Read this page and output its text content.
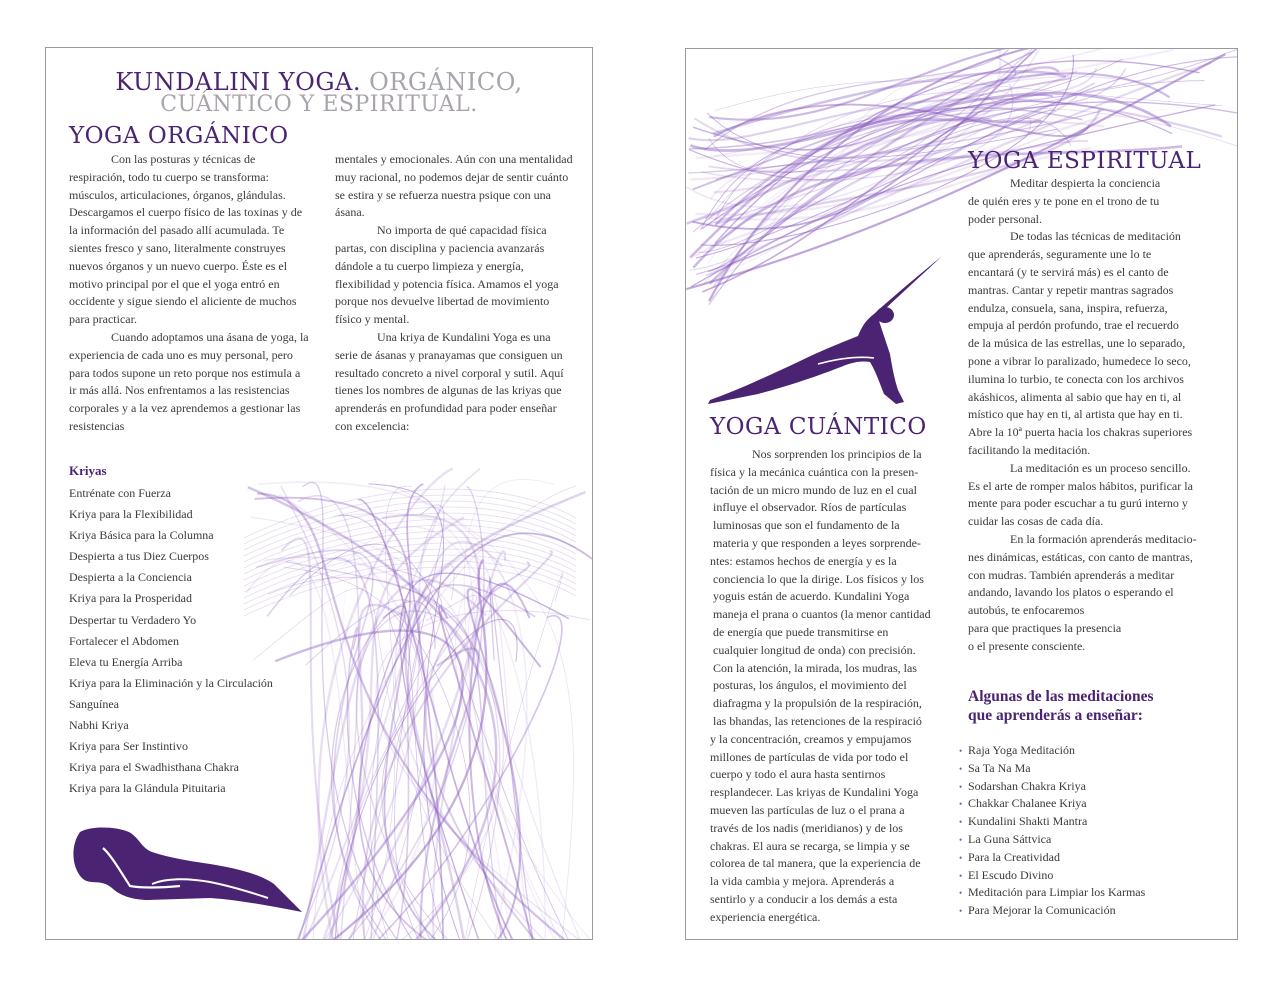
KUNDALINI YOGA. ORGÁNICO,
CUÁNTICO Y ESPIRITUAL.
YOGA ORGÁNICO

Con las posturas y técnicas de respiración, todo tu cuerpo se transforma: músculos, articulaciones, órganos, glándulas. Descargamos el cuerpo físico de las toxinas y de la información del pasado allí acumulada. Te sientes fresco y sano, literalmente construyes nuevos órganos y un nuevo cuerpo. Éste es el motivo principal por el que el yoga entró en occidente y sigue siendo el aliciente de muchos para practicar.

Cuando adoptamos una ásana de yoga, la experiencia de cada uno es muy personal, pero para todos supone un reto porque nos estimula a ir más allá. Nos enfrentamos a las resistencias corporales y a la vez aprendemos a gestionar las resistencias

mentales y emocionales. Aún con una mentalidad muy racional, no podemos dejar de sentir cuánto se estira y se refuerza nuestra psique con una ásana.

No importa de qué capacidad física partas, con disciplina y paciencia avanzarás dándole a tu cuerpo limpieza y energía, flexibilidad y potencia física. Amamos el yoga porque nos devuelve libertad de movimiento físico y mental.

Una kriya de Kundalini Yoga es una serie de ásanas y pranayamas que consiguen un resultado concreto a nivel corporal y sutil. Aquí tienes los nombres de algunas de las kriyas que aprenderás en profundidad para poder enseñar con excelencia:

Kriyas
Entrénate con Fuerza
Kriya para la Flexibilidad
Kriya Básica para la Columna
Despierta a tus Diez Cuerpos
Despierta a la Conciencia
Kriya para la Prosperidad
Despertar tu Verdadero Yo
Fortalecer el Abdomen
Eleva tu Energía Arriba
Kriya para la Eliminación y la Circulación
Sanguínea
Nabhi Kriya
Kriya para Ser Instintivo
Kriya para el Swadhisthana Chakra
Kriya para la Glándula Pituitaria
YOGA CUÁNTICO
Nos sorprenden los principios de la
física y la mecánica cuántica con la presen-
tación de un micro mundo de luz en el cual
influye el observador. Ríos de partículas
luminosas que son el fundamento de la
materia y que responden a leyes sorprende-
ntes: estamos hechos de energía y es la
conciencia lo que la dirige. Los físicos y los
yoguis están de acuerdo. Kundalini Yoga
maneja el prana o cuantos (la menor cantidad
de energía que puede transmitirse en
cualquier longitud de onda) con precisión.
Con la atención, la mirada, los mudras, las
posturas, los ángulos, el movimiento del
diafragma y la propulsión de la respiración,
las bhandas, las retenciones de la respiració
y la concentración, creamos y empujamos
millones de partículas de vida por todo el
cuerpo y todo el aura hasta sentirnos
resplandecer. Las kriyas de Kundalini Yoga
mueven las partículas de luz o el prana a
través de los nadis (meridianos) y de los
chakras. El aura se recarga, se limpia y se
colorea de tal manera, que la experiencia de
la vida cambia y mejora. Aprenderás a
sentirlo y a conducir a los demás a esta
experiencia energética.
YOGA ESPIRITUAL
Meditar despierta la conciencia
de quién eres y te pone en el trono de tu
poder personal.
De todas las técnicas de meditación
que aprenderás, seguramente une lo te
encantará (y te servirá más) es el canto de
mantras. Cantar y repetir mantras sagrados
endulza, consuela, sana, inspira, refuerza,
empuja al perdón profundo, trae el recuerdo
de la música de las estrellas, une lo separado,
pone a vibrar lo paralizado, humedece lo seco,
ilumina lo turbio, te conecta con los archivos
akáshicos, alimenta al sabio que hay en ti, al
místico que hay en ti, al artista que hay en ti.
Abre la 10ª puerta hacia los chakras superiores
facilitando la meditación.
La meditación es un proceso sencillo.
Es el arte de romper malos hábitos, purificar la
mente para poder escuchar a tu gurú interno y
cuidar las cosas de cada día.
En la formación aprenderás meditacio-
nes dinámicas, estáticas, con canto de mantras,
con mudras. También aprenderás a meditar
andando, lavando los platos o esperando el
autobús, te enfocaremos
para que practiques la presencia
o el presente consciente.
Algunas de las meditaciones
que aprenderás a enseñar:
• Raja Yoga Meditación
• Sa Ta Na Ma
• Sodarshan Chakra Kriya
• Chakkar Chalanee Kriya
• Kundalini Shakti Mantra
• La Guna Sáttvica
• Para la Creatividad
• El Escudo Divino
• Meditación para Limpiar los Karmas
• Para Mejorar la Comunicación
